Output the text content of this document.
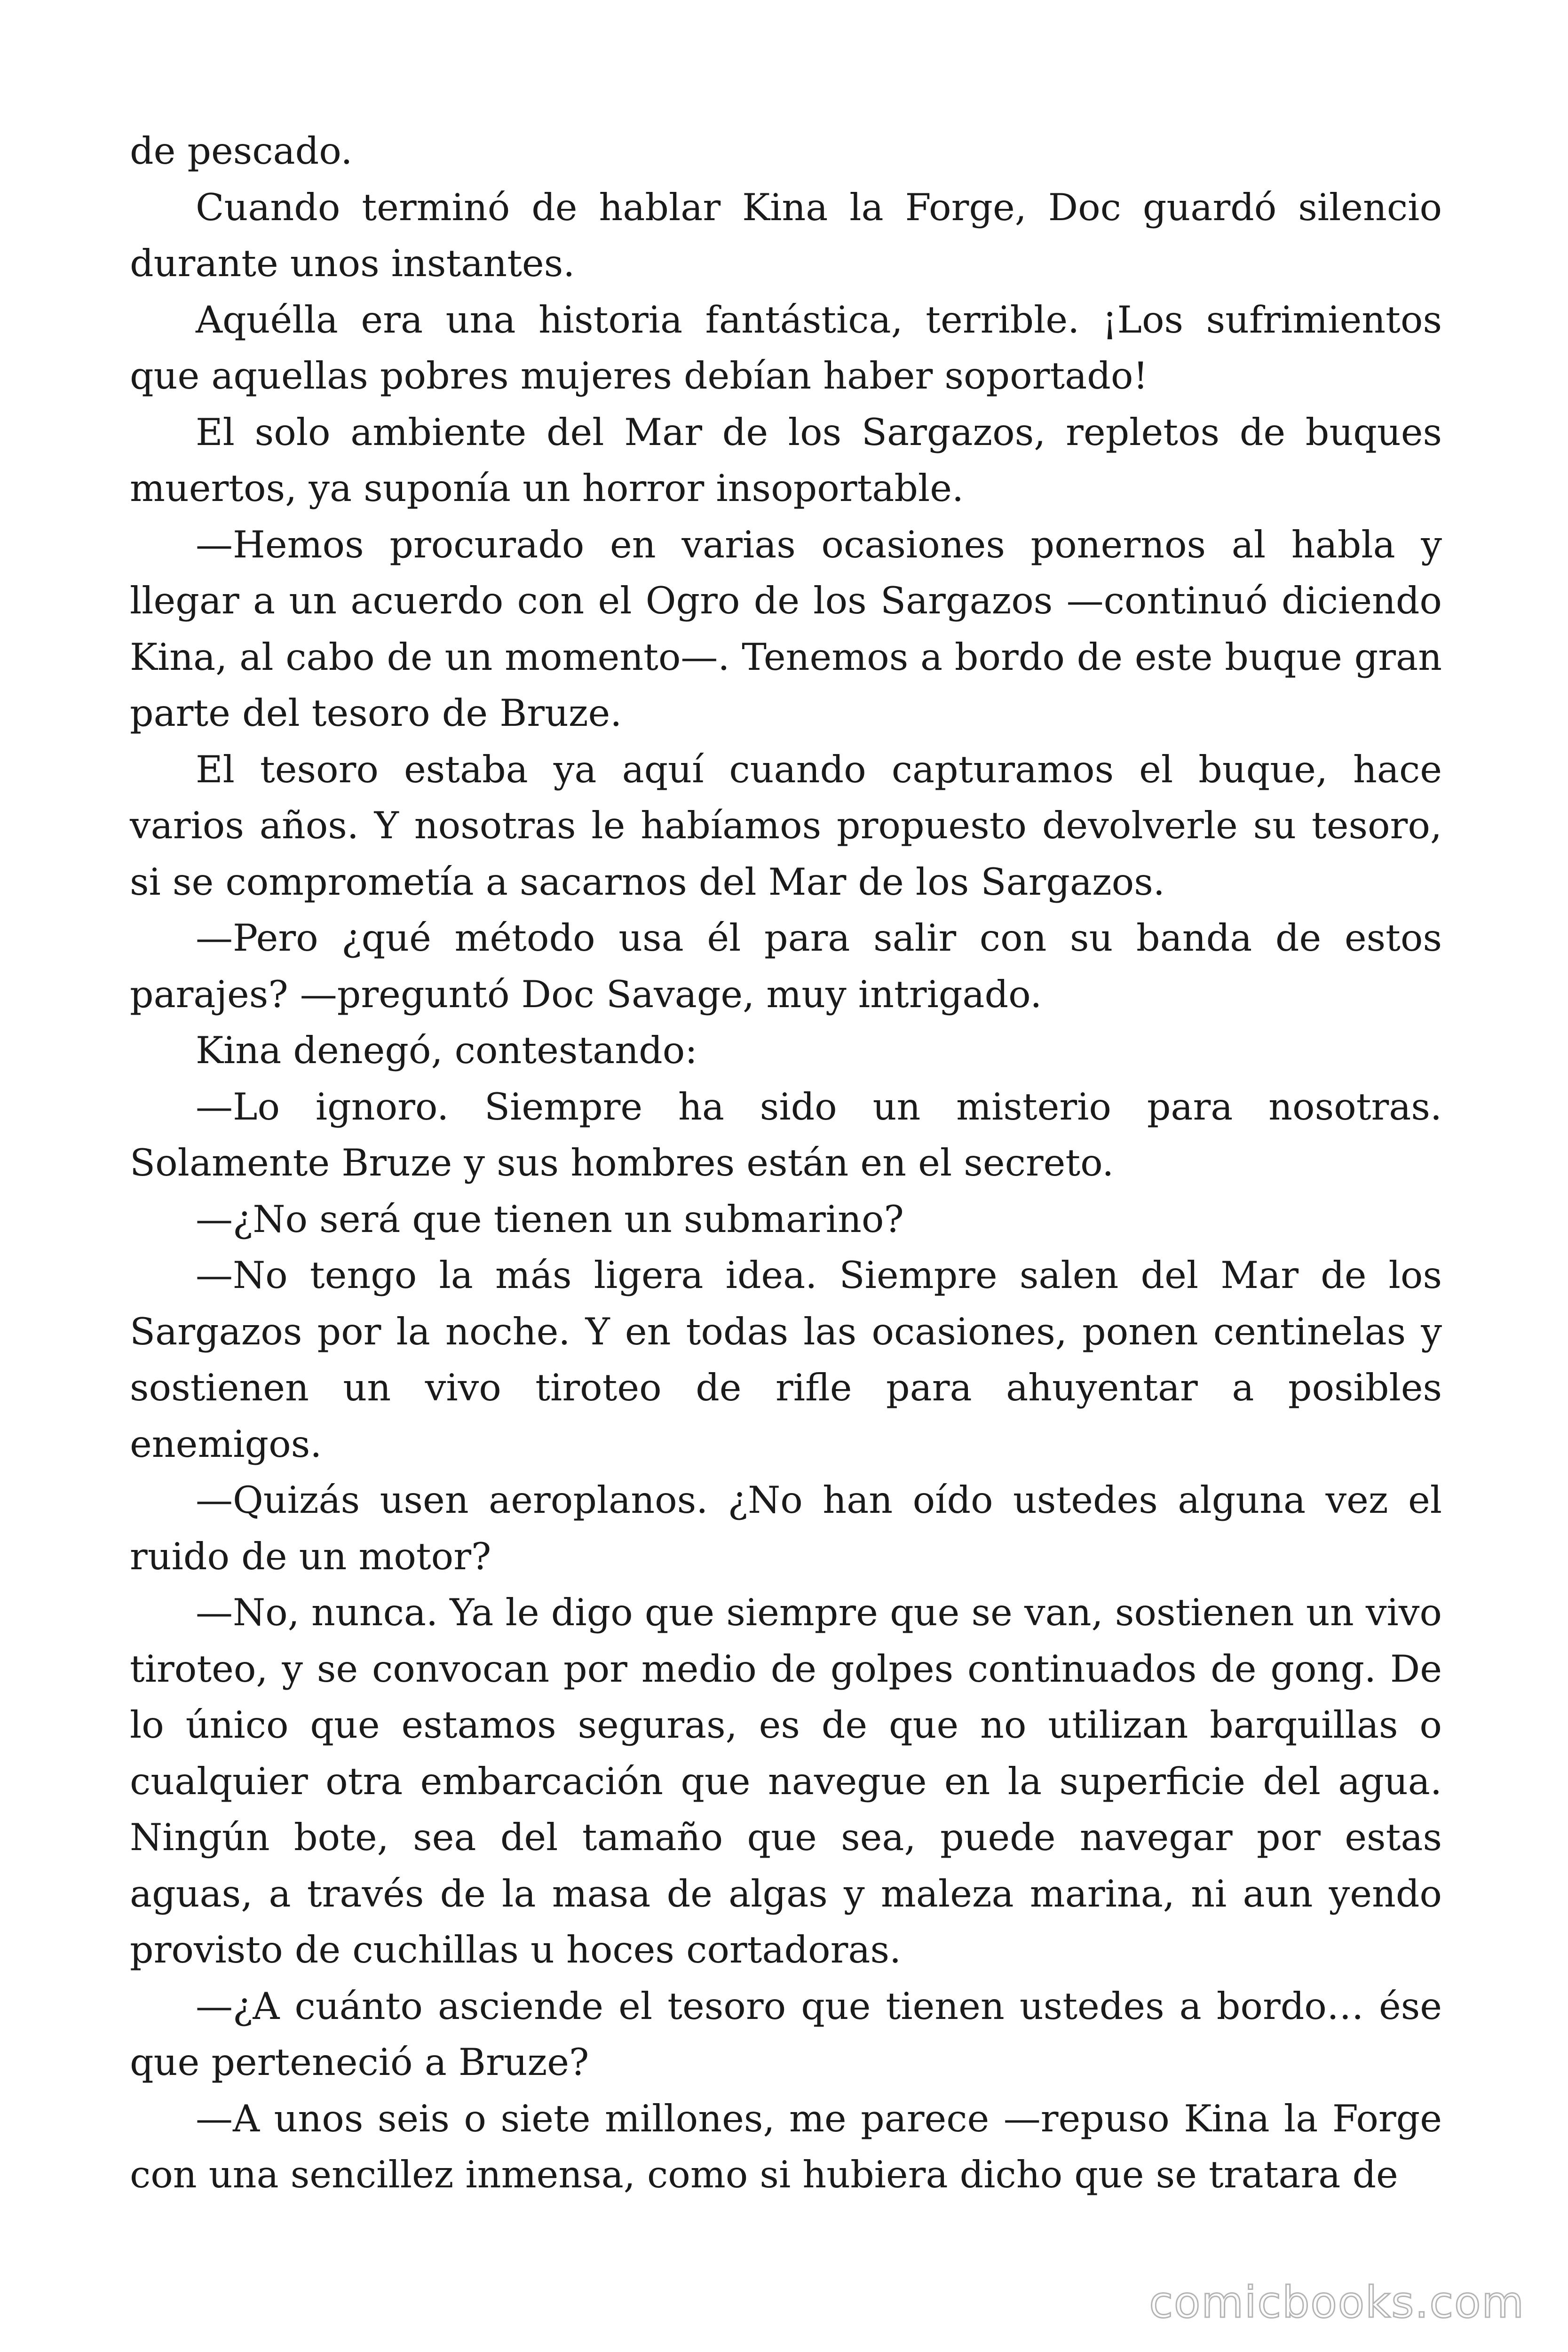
de pescado.

Cuando terminó de hablar Kina la Forge, Doc guardó silencio durante unos instantes.

Aquélla era una historia fantástica, terrible. ¡Los sufrimientos que aquellas pobres mujeres debían haber soportado!

El solo ambiente del Mar de los Sargazos, repletos de buques muertos, ya suponía un horror insoportable.

—Hemos procurado en varias ocasiones ponernos al habla y llegar a un acuerdo con el Ogro de los Sargazos —continuó diciendo Kina, al cabo de un momento—. Tenemos a bordo de este buque gran parte del tesoro de Bruze.

El tesoro estaba ya aquí cuando capturamos el buque, hace varios años. Y nosotras le habíamos propuesto devolverle su tesoro, si se comprometía a sacarnos del Mar de los Sargazos.

—Pero ¿qué método usa él para salir con su banda de estos parajes? —preguntó Doc Savage, muy intrigado.

Kina denegó, contestando:

—Lo ignoro. Siempre ha sido un misterio para nosotras. Solamente Bruze y sus hombres están en el secreto.

—¿No será que tienen un submarino?

—No tengo la más ligera idea. Siempre salen del Mar de los Sargazos por la noche. Y en todas las ocasiones, ponen centinelas y sostienen un vivo tiroteo de rifle para ahuyentar a posibles enemigos.

—Quizás usen aeroplanos. ¿No han oído ustedes alguna vez el ruido de un motor?

—No, nunca. Ya le digo que siempre que se van, sostienen un vivo tiroteo, y se convocan por medio de golpes continuados de gong. De lo único que estamos seguras, es de que no utilizan barquillas o cualquier otra embarcación que navegue en la superficie del agua. Ningún bote, sea del tamaño que sea, puede navegar por estas aguas, a través de la masa de algas y maleza marina, ni aun yendo provisto de cuchillas u hoces cortadoras.

—¿A cuánto asciende el tesoro que tienen ustedes a bordo… ése que perteneció a Bruze?

—A unos seis o siete millones, me parece —repuso Kina la Forge con una sencillez inmensa, como si hubiera dicho que se tratara de

comicbooks.com
